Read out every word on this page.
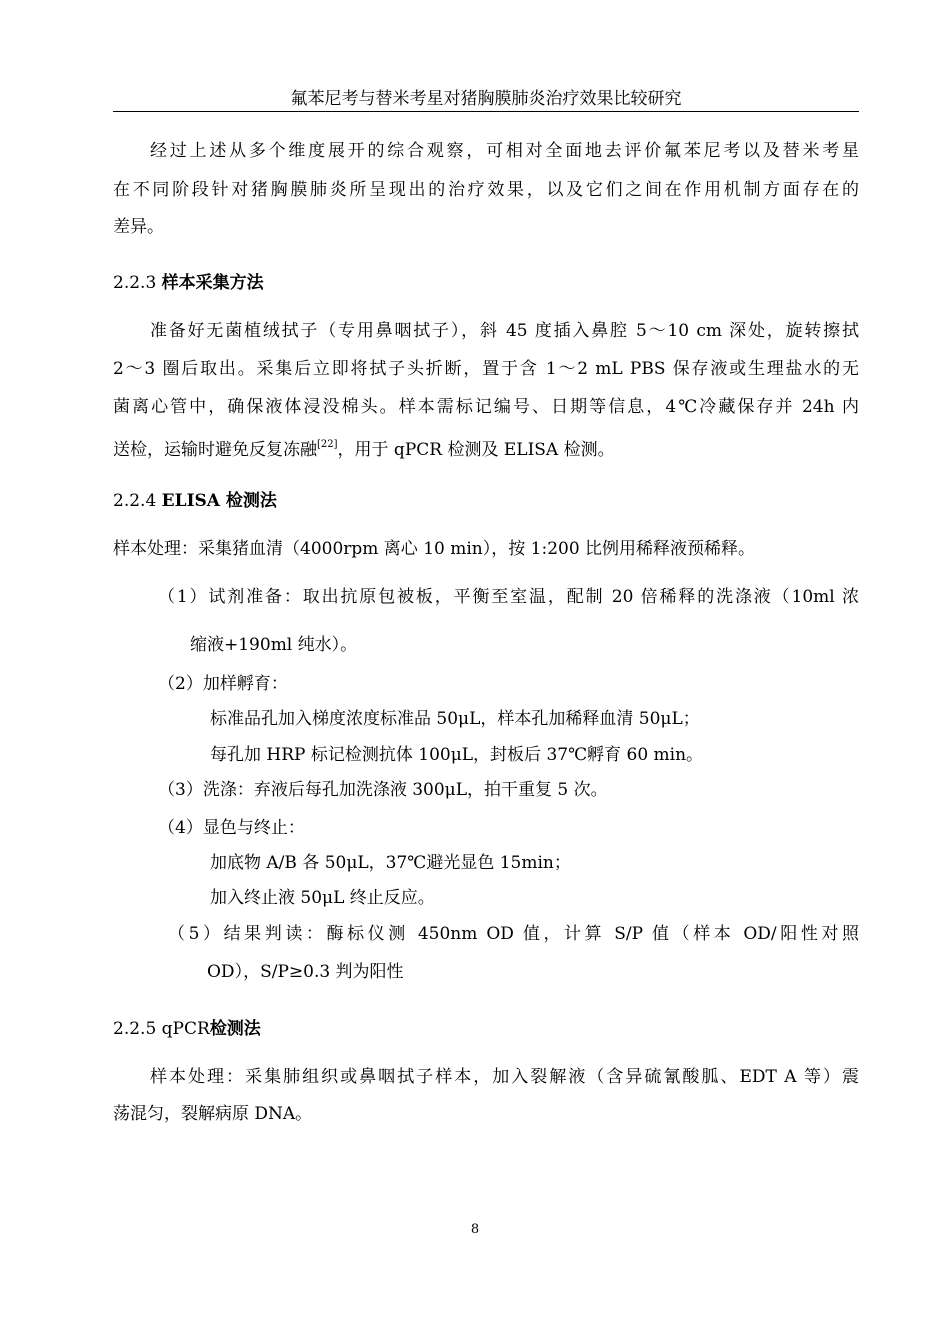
氟苯尼考与替米考星对猪胸膜肺炎治疗效果比较研究
经过上述从多个维度展开的综合观察，可相对全面地去评价氟苯尼考以及替米考星
在不同阶段针对猪胸膜肺炎所呈现出的治疗效果，以及它们之间在作用机制方面存在的
差异。
2.2.3 样本采集方法
准备好无菌植绒拭子（专用鼻咽拭子），斜 45 度插入鼻腔 5～10 cm 深处，旋转擦拭
2～3 圈后取出。采集后立即将拭子头折断，置于含 1～2 mL PBS 保存液或生理盐水的无
菌离心管中，确保液体浸没棉头。样本需标记编号、日期等信息，4℃冷藏保存并 24h 内
送检，运输时避免反复冻融[22]，用于 qPCR 检测及 ELISA 检测。
2.2.4 ELISA 检测法
样本处理：采集猪血清（4000rpm 离心 10 min），按 1:200 比例用稀释液预稀释。
（1）试剂准备：取出抗原包被板，平衡至室温，配制 20 倍稀释的洗涤液（10ml 浓
缩液+190ml 纯水）。
（2）加样孵育：
标准品孔加入梯度浓度标准品 50μL，样本孔加稀释血清 50μL；
每孔加 HRP 标记检测抗体 100μL，封板后 37℃孵育 60 min。
（3）洗涤：弃液后每孔加洗涤液 300μL，拍干重复 5 次。
（4）显色与终止：
加底物 A/B 各 50μL，37℃避光显色 15min；
加入终止液 50μL 终止反应。
（5）结果判读：酶标仪测 450nm OD 值，计算 S/P 值（样本 OD/阳性对照
OD），S/P≥0.3 判为阳性
2.2.5 qPCR检测法
样本处理：采集肺组织或鼻咽拭子样本，加入裂解液（含异硫氰酸胍、EDT A 等）震
荡混匀，裂解病原 DNA。
8
